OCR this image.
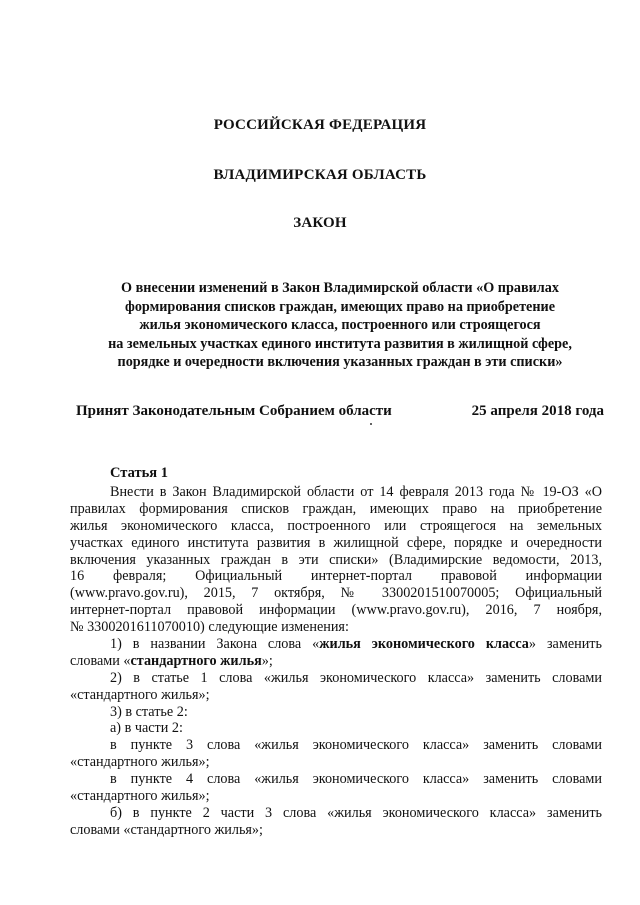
РОССИЙСКАЯ ФЕДЕРАЦИЯ
ВЛАДИМИРСКАЯ ОБЛАСТЬ
ЗАКОН
О внесении изменений в Закон Владимирской области «О правилах
формирования списков граждан, имеющих право на приобретение
жилья экономического класса, построенного или строящегося
на земельных участках единого института развития в жилищной сфере,
порядке и очередности включения указанных граждан в эти списки»
Принят Законодательным Собранием области	25 апреля 2018 года
Статья 1
Внести в Закон Владимирской области от 14 февраля 2013 года № 19-ОЗ «О
правилах формирования списков граждан, имеющих право на приобретение
жилья экономического класса, построенного или строящегося на земельных
участках единого института развития в жилищной сфере, порядке и очередности
включения указанных граждан в эти списки» (Владимирские ведомости, 2013,
16 февраля; Официальный интернет-портал правовой информации
(www.pravo.gov.ru), 2015, 7 октября, № 3300201510070005; Официальный
интернет-портал правовой информации (www.pravo.gov.ru), 2016, 7 ноября,
№ 3300201611070010) следующие изменения:
1) в названии Закона слова «жилья экономического класса» заменить
словами «стандартного жилья»;
2) в статье 1 слова «жилья экономического класса» заменить словами
«стандартного жилья»;
3) в статье 2:
а) в части 2:
в пункте 3 слова «жилья экономического класса» заменить словами
«стандартного жилья»;
в пункте 4 слова «жилья экономического класса» заменить словами
«стандартного жилья»;
б) в пункте 2 части 3 слова «жилья экономического класса» заменить
словами «стандартного жилья»;
